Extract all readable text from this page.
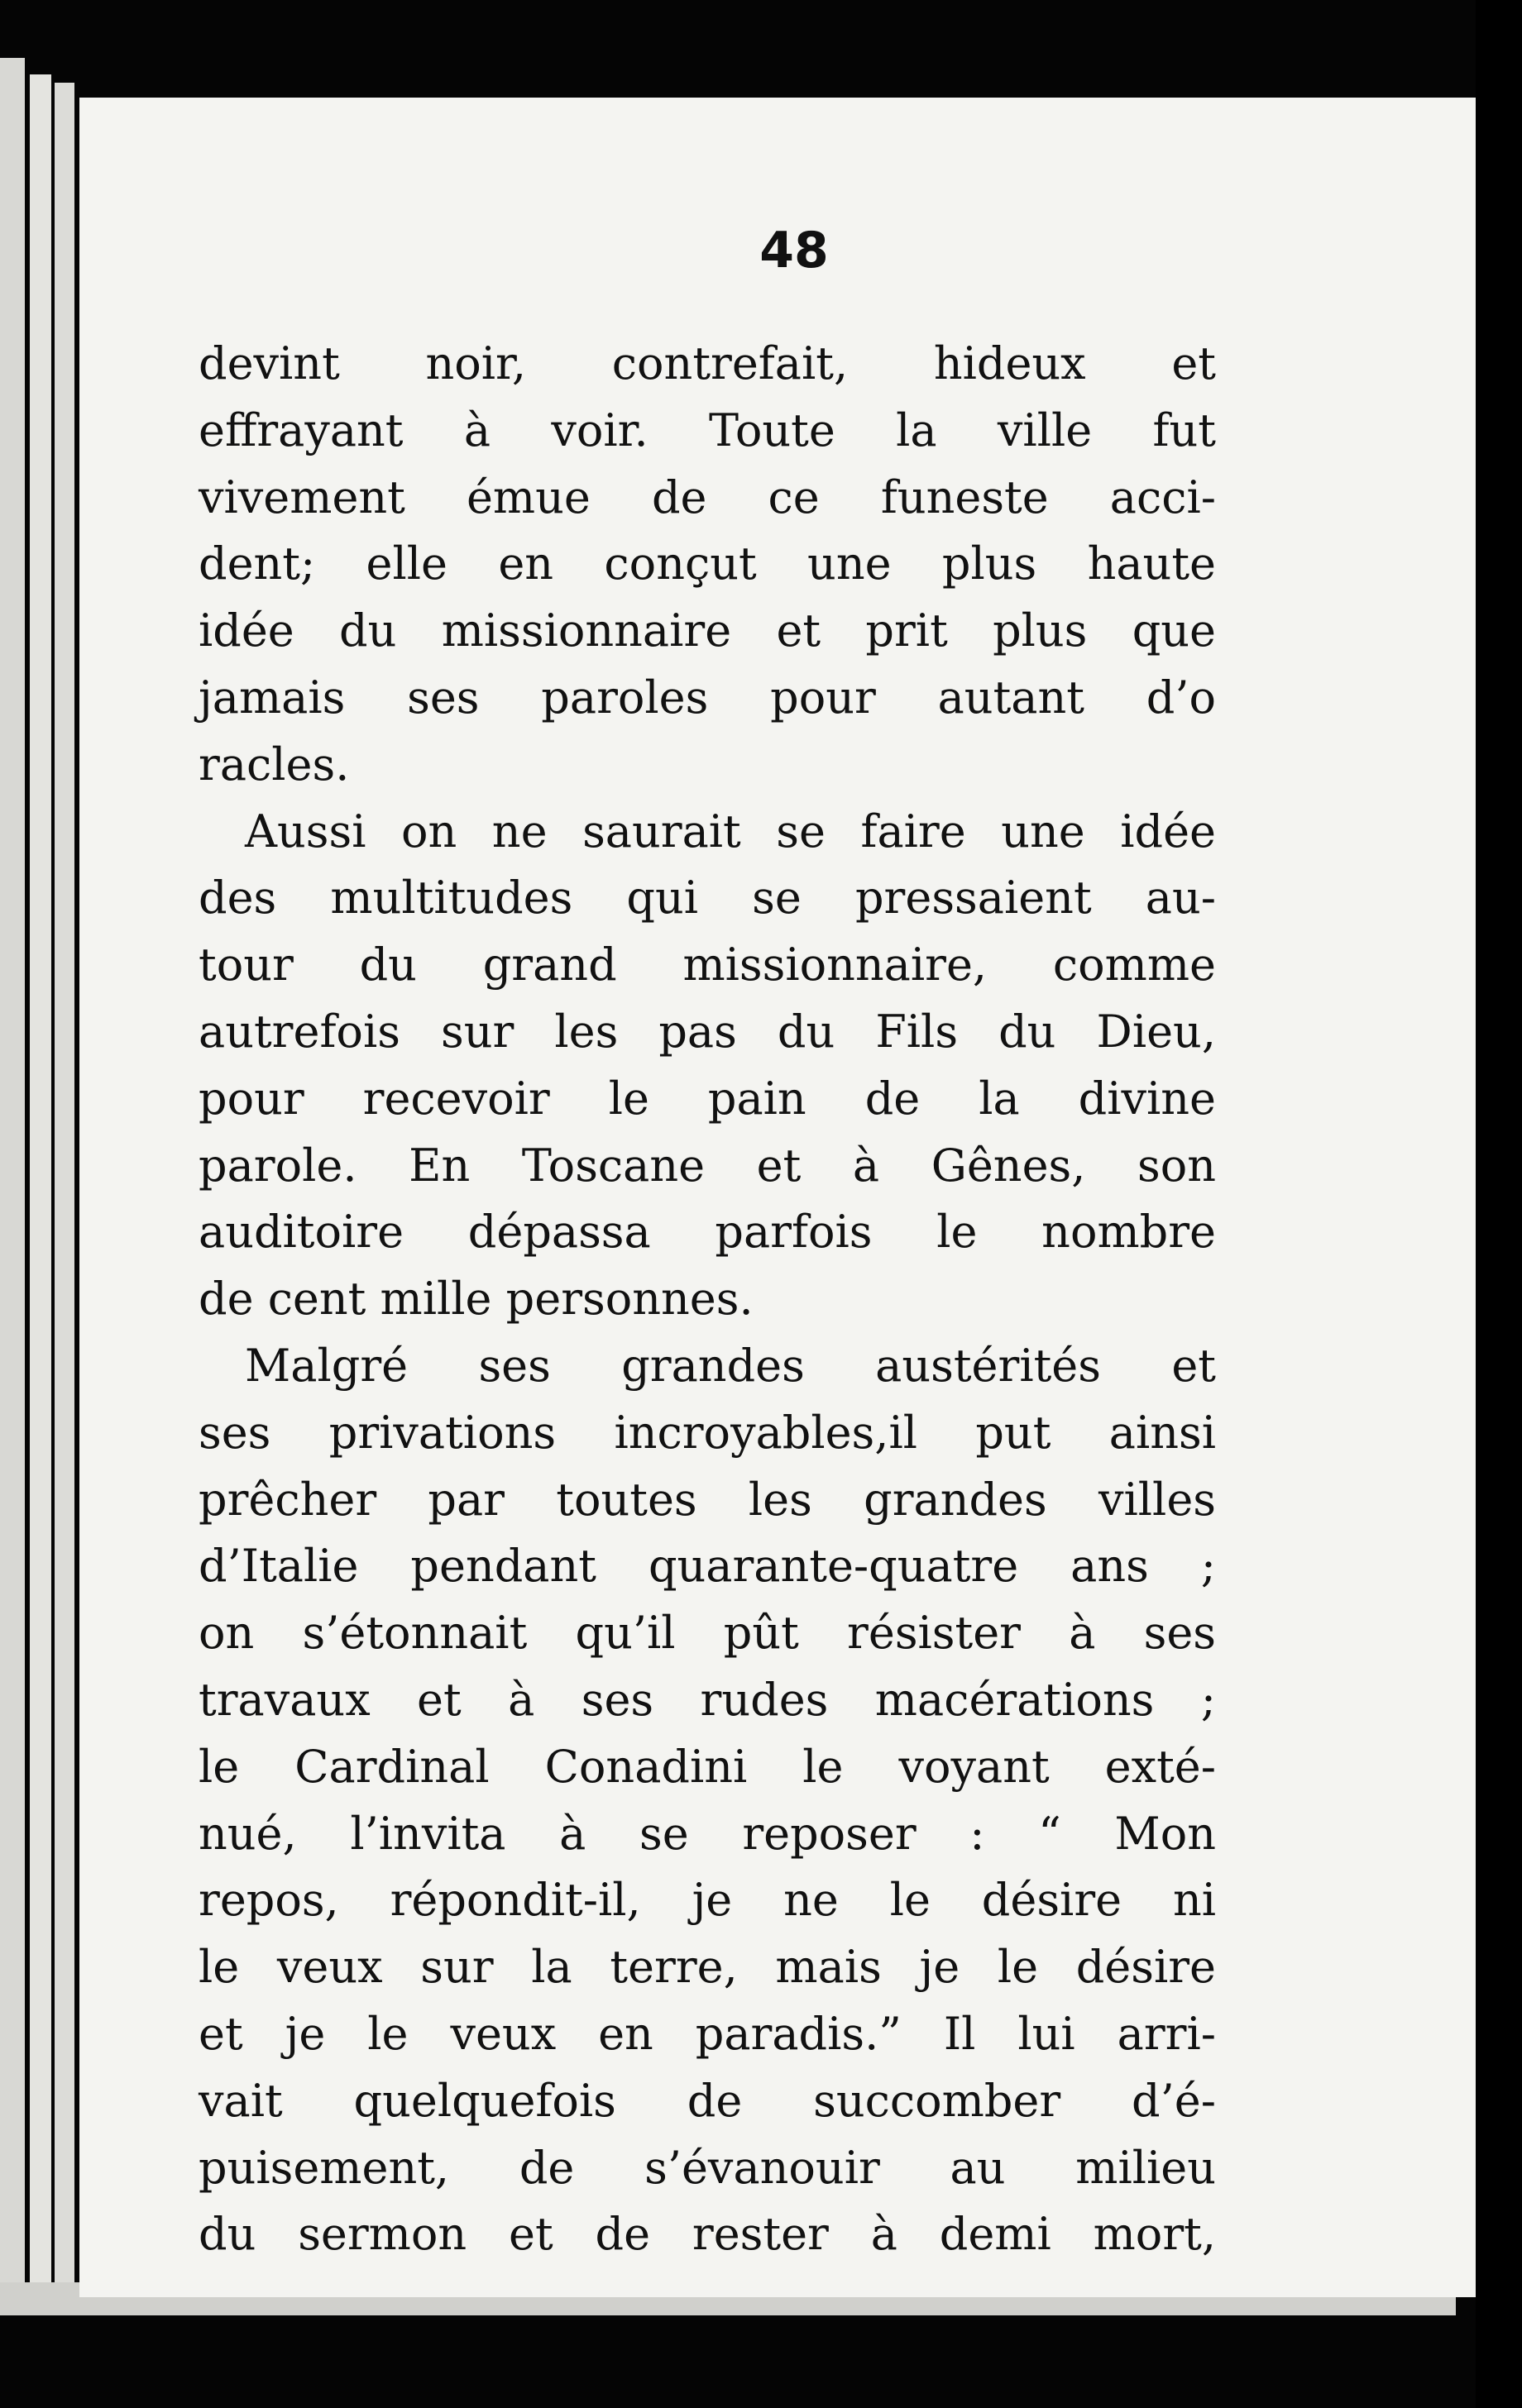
48
devint noir, contrefait, hideux et
effrayant à voir. Toute la ville fut
vivement émue de ce funeste acci-
dent; elle en conçut une plus haute
idée du missionnaire et prit plus que
jamais ses paroles pour autant d’o
racles.
Aussi on ne saurait se faire une idée
des multitudes qui se pressaient au-
tour du grand missionnaire, comme
autrefois sur les pas du Fils du Dieu,
pour recevoir le pain de la divine
parole. En Toscane et à Gênes, son
auditoire dépassa parfois le nombre
de cent mille personnes.
Malgré ses grandes austérités et
ses privations incroyables,il put ainsi
prêcher par toutes les grandes villes
d’Italie pendant quarante-quatre ans ;
on s’étonnait qu’il pût résister à ses
travaux et à ses rudes macérations ;
le Cardinal Conadini le voyant exté-
nué, l’invita à se reposer : “ Mon
repos, répondit-il, je ne le désire ni
le veux sur la terre, mais je le désire
et je le veux en paradis.” Il lui arri-
vait quelquefois de succomber d’é-
puisement, de s’évanouir au milieu
du sermon et de rester à demi mort,
